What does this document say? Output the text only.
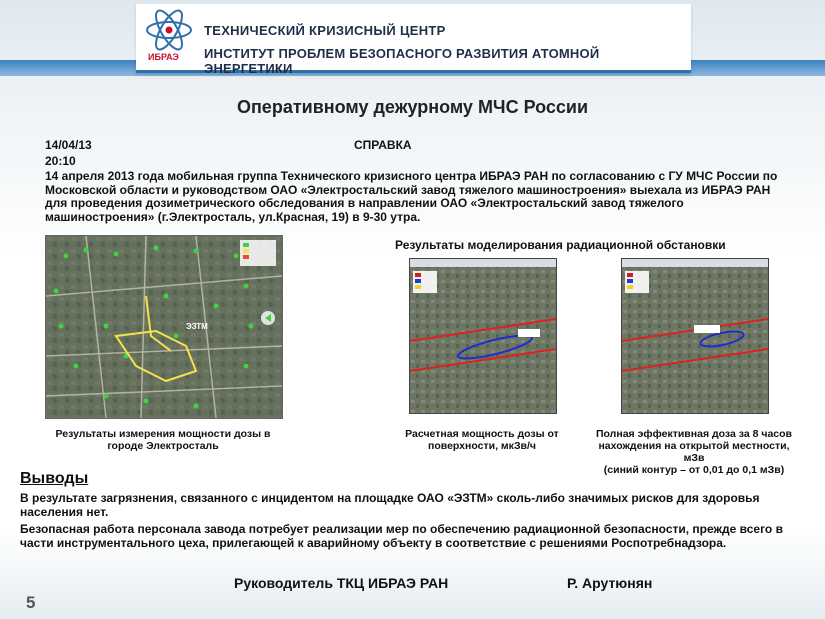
ИБРАЭ
ТЕХНИЧЕСКИЙ КРИЗИСНЫЙ ЦЕНТР
ИНСТИТУТ ПРОБЛЕМ БЕЗОПАСНОГО РАЗВИТИЯ АТОМНОЙ ЭНЕРГЕТИКИ
Оперативному дежурному МЧС России
14/04/13	СПРАВКА
20:10
14 апреля 2013 года мобильная группа Технического кризисного центра ИБРАЭ РАН по согласованию с ГУ МЧС России по Московской области и руководством ОАО «Электростальский завод тяжелого машиностроения» выехала из ИБРАЭ РАН для проведения дозиметрического обследования в направлении ОАО «Электростальский завод тяжелого машиностроения» (г.Электросталь, ул.Красная, 19) в 9-30 утра.
ЭЗТМ
Результаты измерения мощности дозы в городе Электросталь
Результаты моделирования радиационной обстановки
Расчетная мощность дозы от поверхности, мкЗв/ч
Полная эффективная доза за 8 часов нахождения на открытой местности, мЗв
(синий контур – от 0,01 до 0,1 мЗв)
Выводы
В результате загрязнения, связанного с инцидентом на площадке ОАО «ЭЗТМ» сколь-либо значимых рисков для здоровья населения нет.
Безопасная работа персонала завода потребует реализации мер по обеспечению радиационной безопасности, прежде всего в части инструментального цеха, прилегающей к аварийному объекту в соответствие с решениями Роспотребнадзора.
Руководитель ТКЦ ИБРАЭ РАН	Р. Арутюнян
5
